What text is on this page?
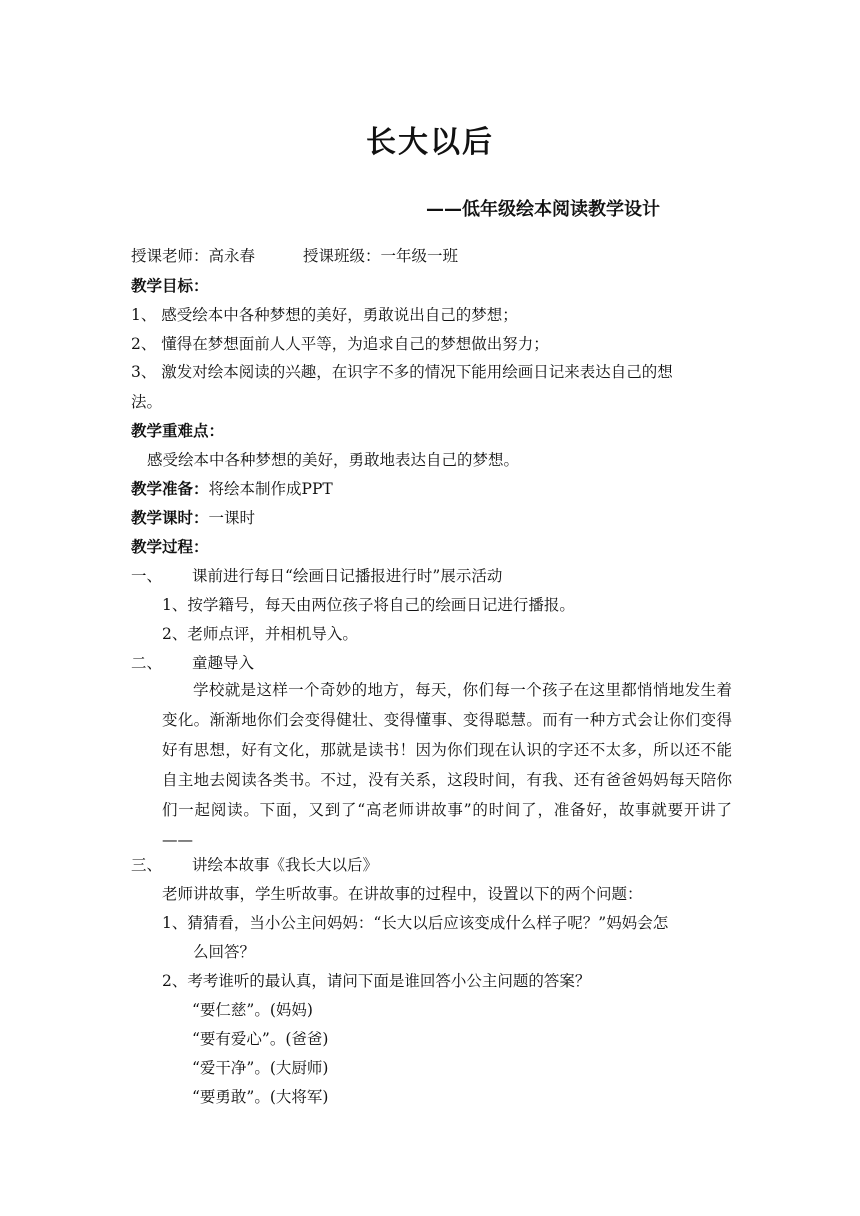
长大以后
——低年级绘本阅读教学设计
授课老师：高永春	授课班级：一年级一班
教学目标：
1、 感受绘本中各种梦想的美好，勇敢说出自己的梦想；
2、 懂得在梦想面前人人平等，为追求自己的梦想做出努力；
3、 激发对绘本阅读的兴趣，在识字不多的情况下能用绘画日记来表达自己的想
法。
教学重难点：
感受绘本中各种梦想的美好，勇敢地表达自己的梦想。
教学准备：将绘本制作成PPT
教学课时：一课时
教学过程：
一、 课前进行每日“绘画日记播报进行时”展示活动
1、按学籍号，每天由两位孩子将自己的绘画日记进行播报。
2、老师点评，并相机导入。
二、 童趣导入
学校就是这样一个奇妙的地方，每天，你们每一个孩子在这里都悄悄地发生着变化。渐渐地你们会变得健壮、变得懂事、变得聪慧。而有一种方式会让你们变得好有思想，好有文化，那就是读书！因为你们现在认识的字还不太多，所以还不能自主地去阅读各类书。不过，没有关系，这段时间，有我、还有爸爸妈妈每天陪你们一起阅读。下面，又到了“高老师讲故事”的时间了，准备好，故事就要开讲了——
三、 讲绘本故事《我长大以后》
老师讲故事，学生听故事。在讲故事的过程中，设置以下的两个问题：
1、猜猜看，当小公主问妈妈：“长大以后应该变成什么样子呢？”妈妈会怎
么回答？
2、考考谁听的最认真，请问下面是谁回答小公主问题的答案？
“要仁慈”。(妈妈)
“要有爱心”。(爸爸)
“爱干净”。(大厨师)
“要勇敢”。(大将军)
